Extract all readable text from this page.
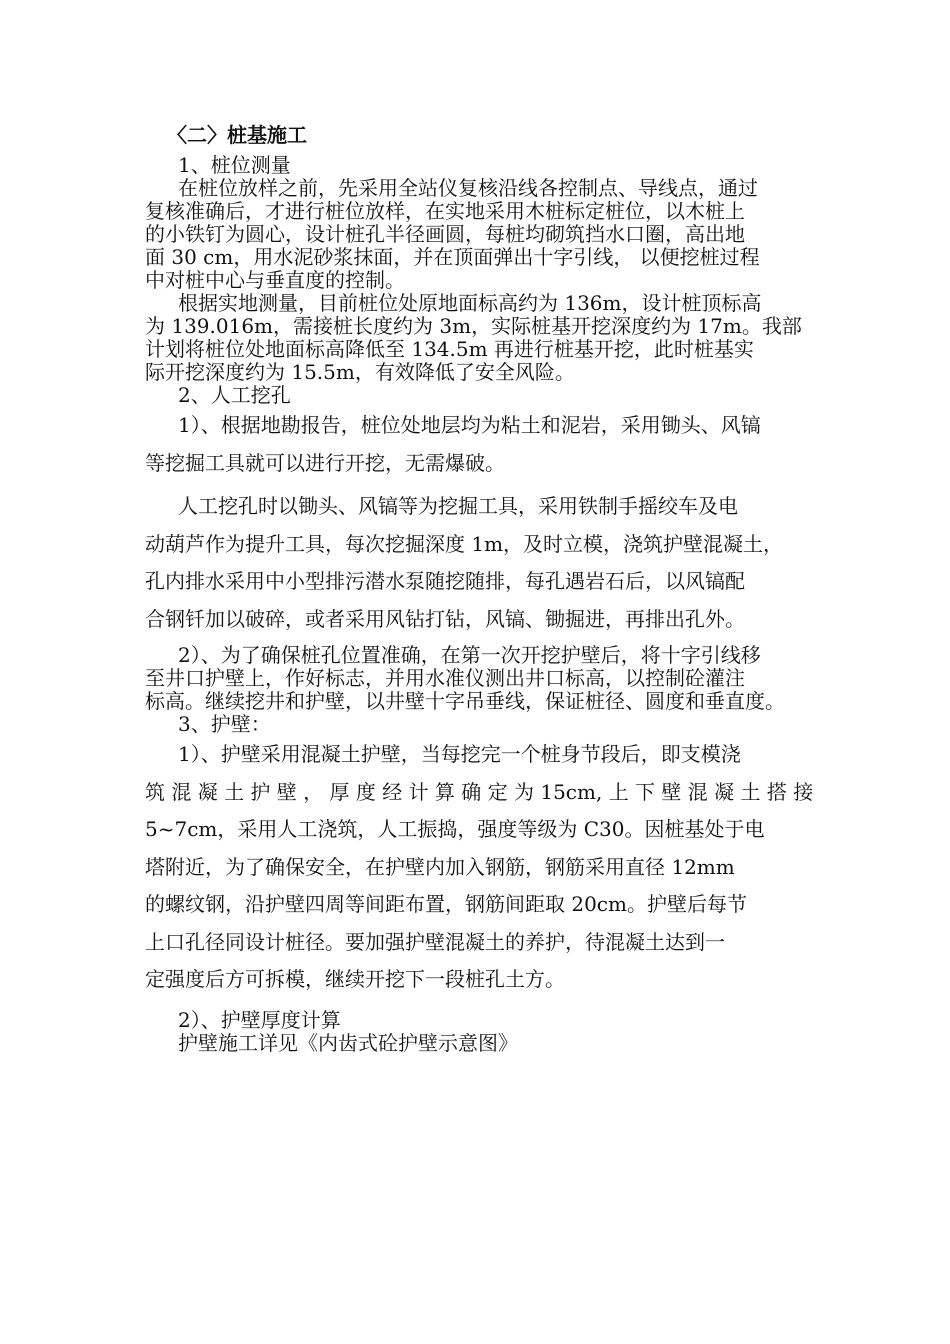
〈二〉桩基施工
1、桩位测量
在桩位放样之前，先采用全站仪复核沿线各控制点、导线点，通过
复核准确后，才进行桩位放样，在实地采用木桩标定桩位，以木桩上
的小铁钉为圆心，设计桩孔半径画圆，每桩均砌筑挡水口圈，高出地
面 30 cm，用水泥砂浆抹面，并在顶面弹出十字引线， 以便挖桩过程
中对桩中心与垂直度的控制。
根据实地测量，目前桩位处原地面标高约为 136m，设计桩顶标高
为 139.016m，需接桩长度约为 3m，实际桩基开挖深度约为 17m。我部
计划将桩位处地面标高降低至 134.5m 再进行桩基开挖，此时桩基实
际开挖深度约为 15.5m，有效降低了安全风险。
2、人工挖孔
1）、根据地勘报告，桩位处地层均为粘土和泥岩，采用锄头、风镐
等挖掘工具就可以进行开挖，无需爆破。
人工挖孔时以锄头、风镐等为挖掘工具，采用铁制手摇绞车及电
动葫芦作为提升工具，每次挖掘深度 1m，及时立模，浇筑护壁混凝土，
孔内排水采用中小型排污潜水泵随挖随排，每孔遇岩石后，以风镐配
合钢钎加以破碎，或者采用风钻打钻，风镐、锄掘进，再排出孔外。
2）、为了确保桩孔位置准确，在第一次开挖护壁后，将十字引线移
至井口护壁上，作好标志，并用水准仪测出井口标高，以控制砼灌注
标高。继续挖井和护壁，以井壁十字吊垂线，保证桩径、圆度和垂直度。
3、护壁：
1）、护壁采用混凝土护壁，当每挖完一个桩身节段后，即支模浇
筑 混 凝 土 护 壁 ， 厚 度 经 计 算 确 定 为 15cm, 上 下 壁 混 凝 土 搭 接
5~7cm，采用人工浇筑，人工振捣，强度等级为 C30。因桩基处于电
塔附近，为了确保安全，在护壁内加入钢筋，钢筋采用直径 12mm
的螺纹钢，沿护壁四周等间距布置，钢筋间距取 20cm。护壁后每节
上口孔径同设计桩径。要加强护壁混凝土的养护，待混凝土达到一
定强度后方可拆模，继续开挖下一段桩孔土方。
2）、护壁厚度计算
护壁施工详见《内齿式砼护壁示意图》
